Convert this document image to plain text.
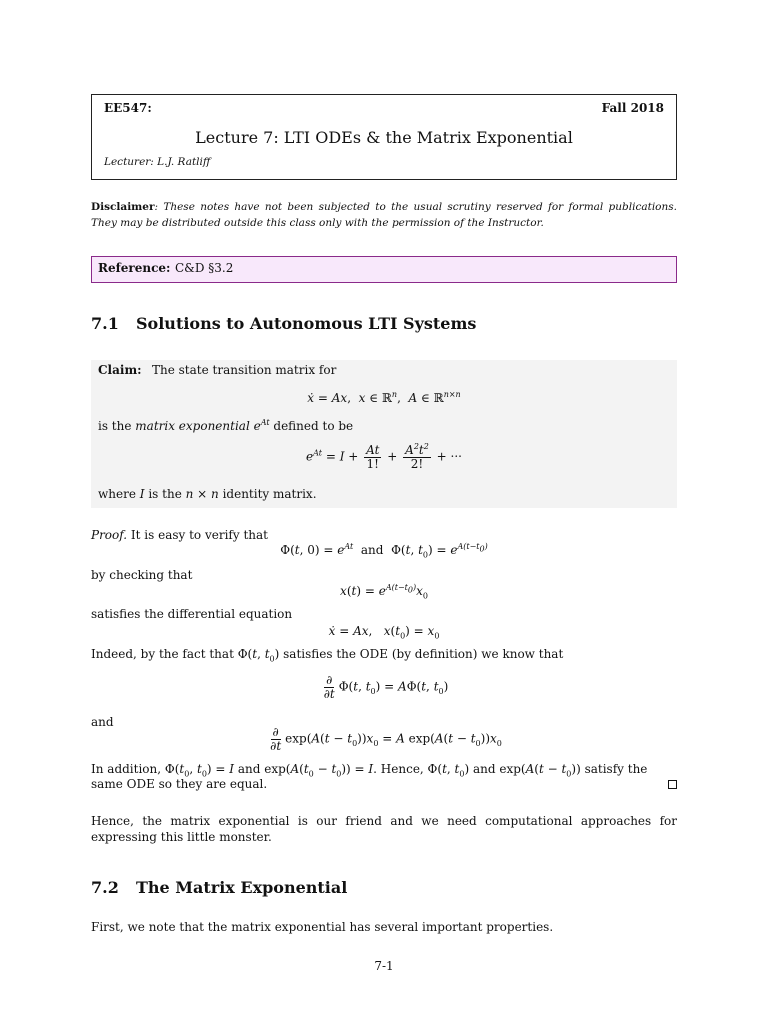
EE547:	Fall 2018
Lecture 7: LTI ODEs & the Matrix Exponential
Lecturer: L.J. Ratliff
Disclaimer: These notes have not been subjected to the usual scrutiny reserved for formal publications. They may be distributed outside this class only with the permission of the Instructor.
Reference: C&D §3.2
7.1 Solutions to Autonomous LTI Systems
Claim: The state transition matrix for
ẋ = Ax,  x ∈ ℝ$^n$,  A ∈ ℝ$^{n\times n}$
is the matrix exponential $e^{At}$ defined to be
$e^{At} = I + \frac{At}{1!} + \frac{A^2t^2}{2!}$ + ···
where I is the n × n identity matrix.
Proof. It is easy to verify that
Φ(t, $0) = e^{At}$ and Φ(t, $t_0) = e^{A(t-t_0)}$
by checking that
$x(t) = e^{A(t-t_0)}x_0$
satisfies the differential equation
ẋ = Ax,   $x(t_0) = x_0$
Indeed, by the fact that Φ(t, $t_0$) satisfies the ODE (by definition) we know that
$\frac{\partial}{\partial t} \Phi(t$, $t_0) = A\Phi(t$, $t_0$)
and
$\frac{\partial}{\partial t} \exp(A(t - t_0))x_0 = A$ $\exp(A(t - t_0))x_0$
In addition, $\Phi(t_0$, $t_0) = I$ and $\exp(A(t_0 - t_0)) = I$. Hence, Φ(t, $t_0$) and $\exp(A(t - t_0))$ satisfy the same ODE so they are equal.
Hence, the matrix exponential is our friend and we need computational approaches for expressing this little monster.
7.2 The Matrix Exponential
First, we note that the matrix exponential has several important properties.
7-1
